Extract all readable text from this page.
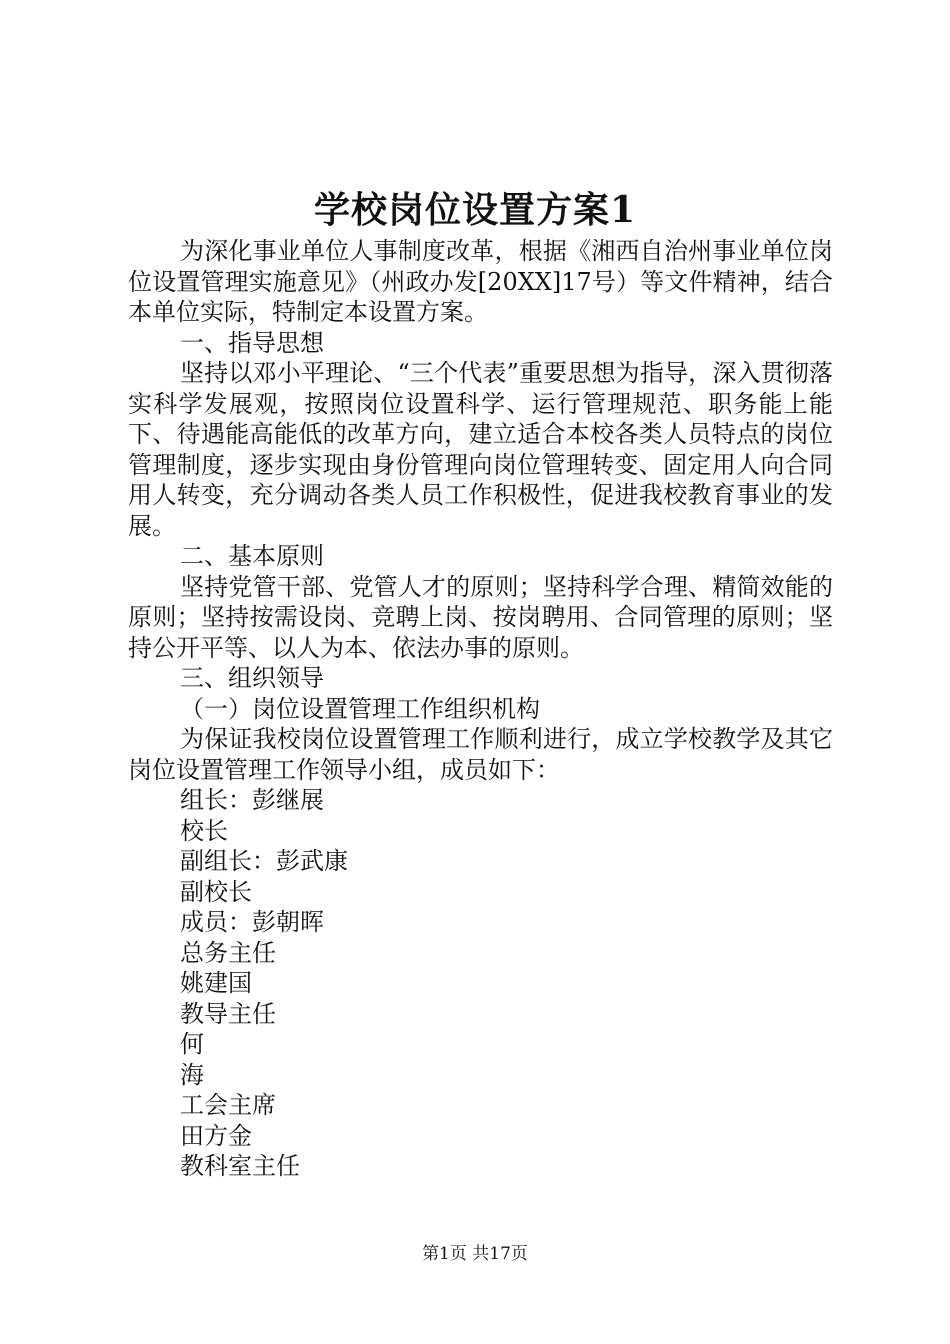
学校岗位设置方案1

为深化事业单位人事制度改革，根据《湘西自治州事业单位岗位设置管理实施意见》（州政办发[20XX]17号）等文件精神，结合本单位实际，特制定本设置方案。

一、指导思想

坚持以邓小平理论、“三个代表”重要思想为指导，深入贯彻落实科学发展观，按照岗位设置科学、运行管理规范、职务能上能下、待遇能高能低的改革方向，建立适合本校各类人员特点的岗位管理制度，逐步实现由身份管理向岗位管理转变、固定用人向合同用人转变，充分调动各类人员工作积极性，促进我校教育事业的发展。

二、基本原则

坚持党管干部、党管人才的原则；坚持科学合理、精简效能的原则；坚持按需设岗、竞聘上岗、按岗聘用、合同管理的原则；坚持公开平等、以人为本、依法办事的原则。

三、组织领导

（一）岗位设置管理工作组织机构

为保证我校岗位设置管理工作顺利进行，成立学校教学及其它岗位设置管理工作领导小组，成员如下：

组长：彭继展

校长

副组长：彭武康

副校长

成员：彭朝晖

总务主任

姚建国

教导主任

何

海

工会主席

田方金

教科室主任

第1页 共17页
